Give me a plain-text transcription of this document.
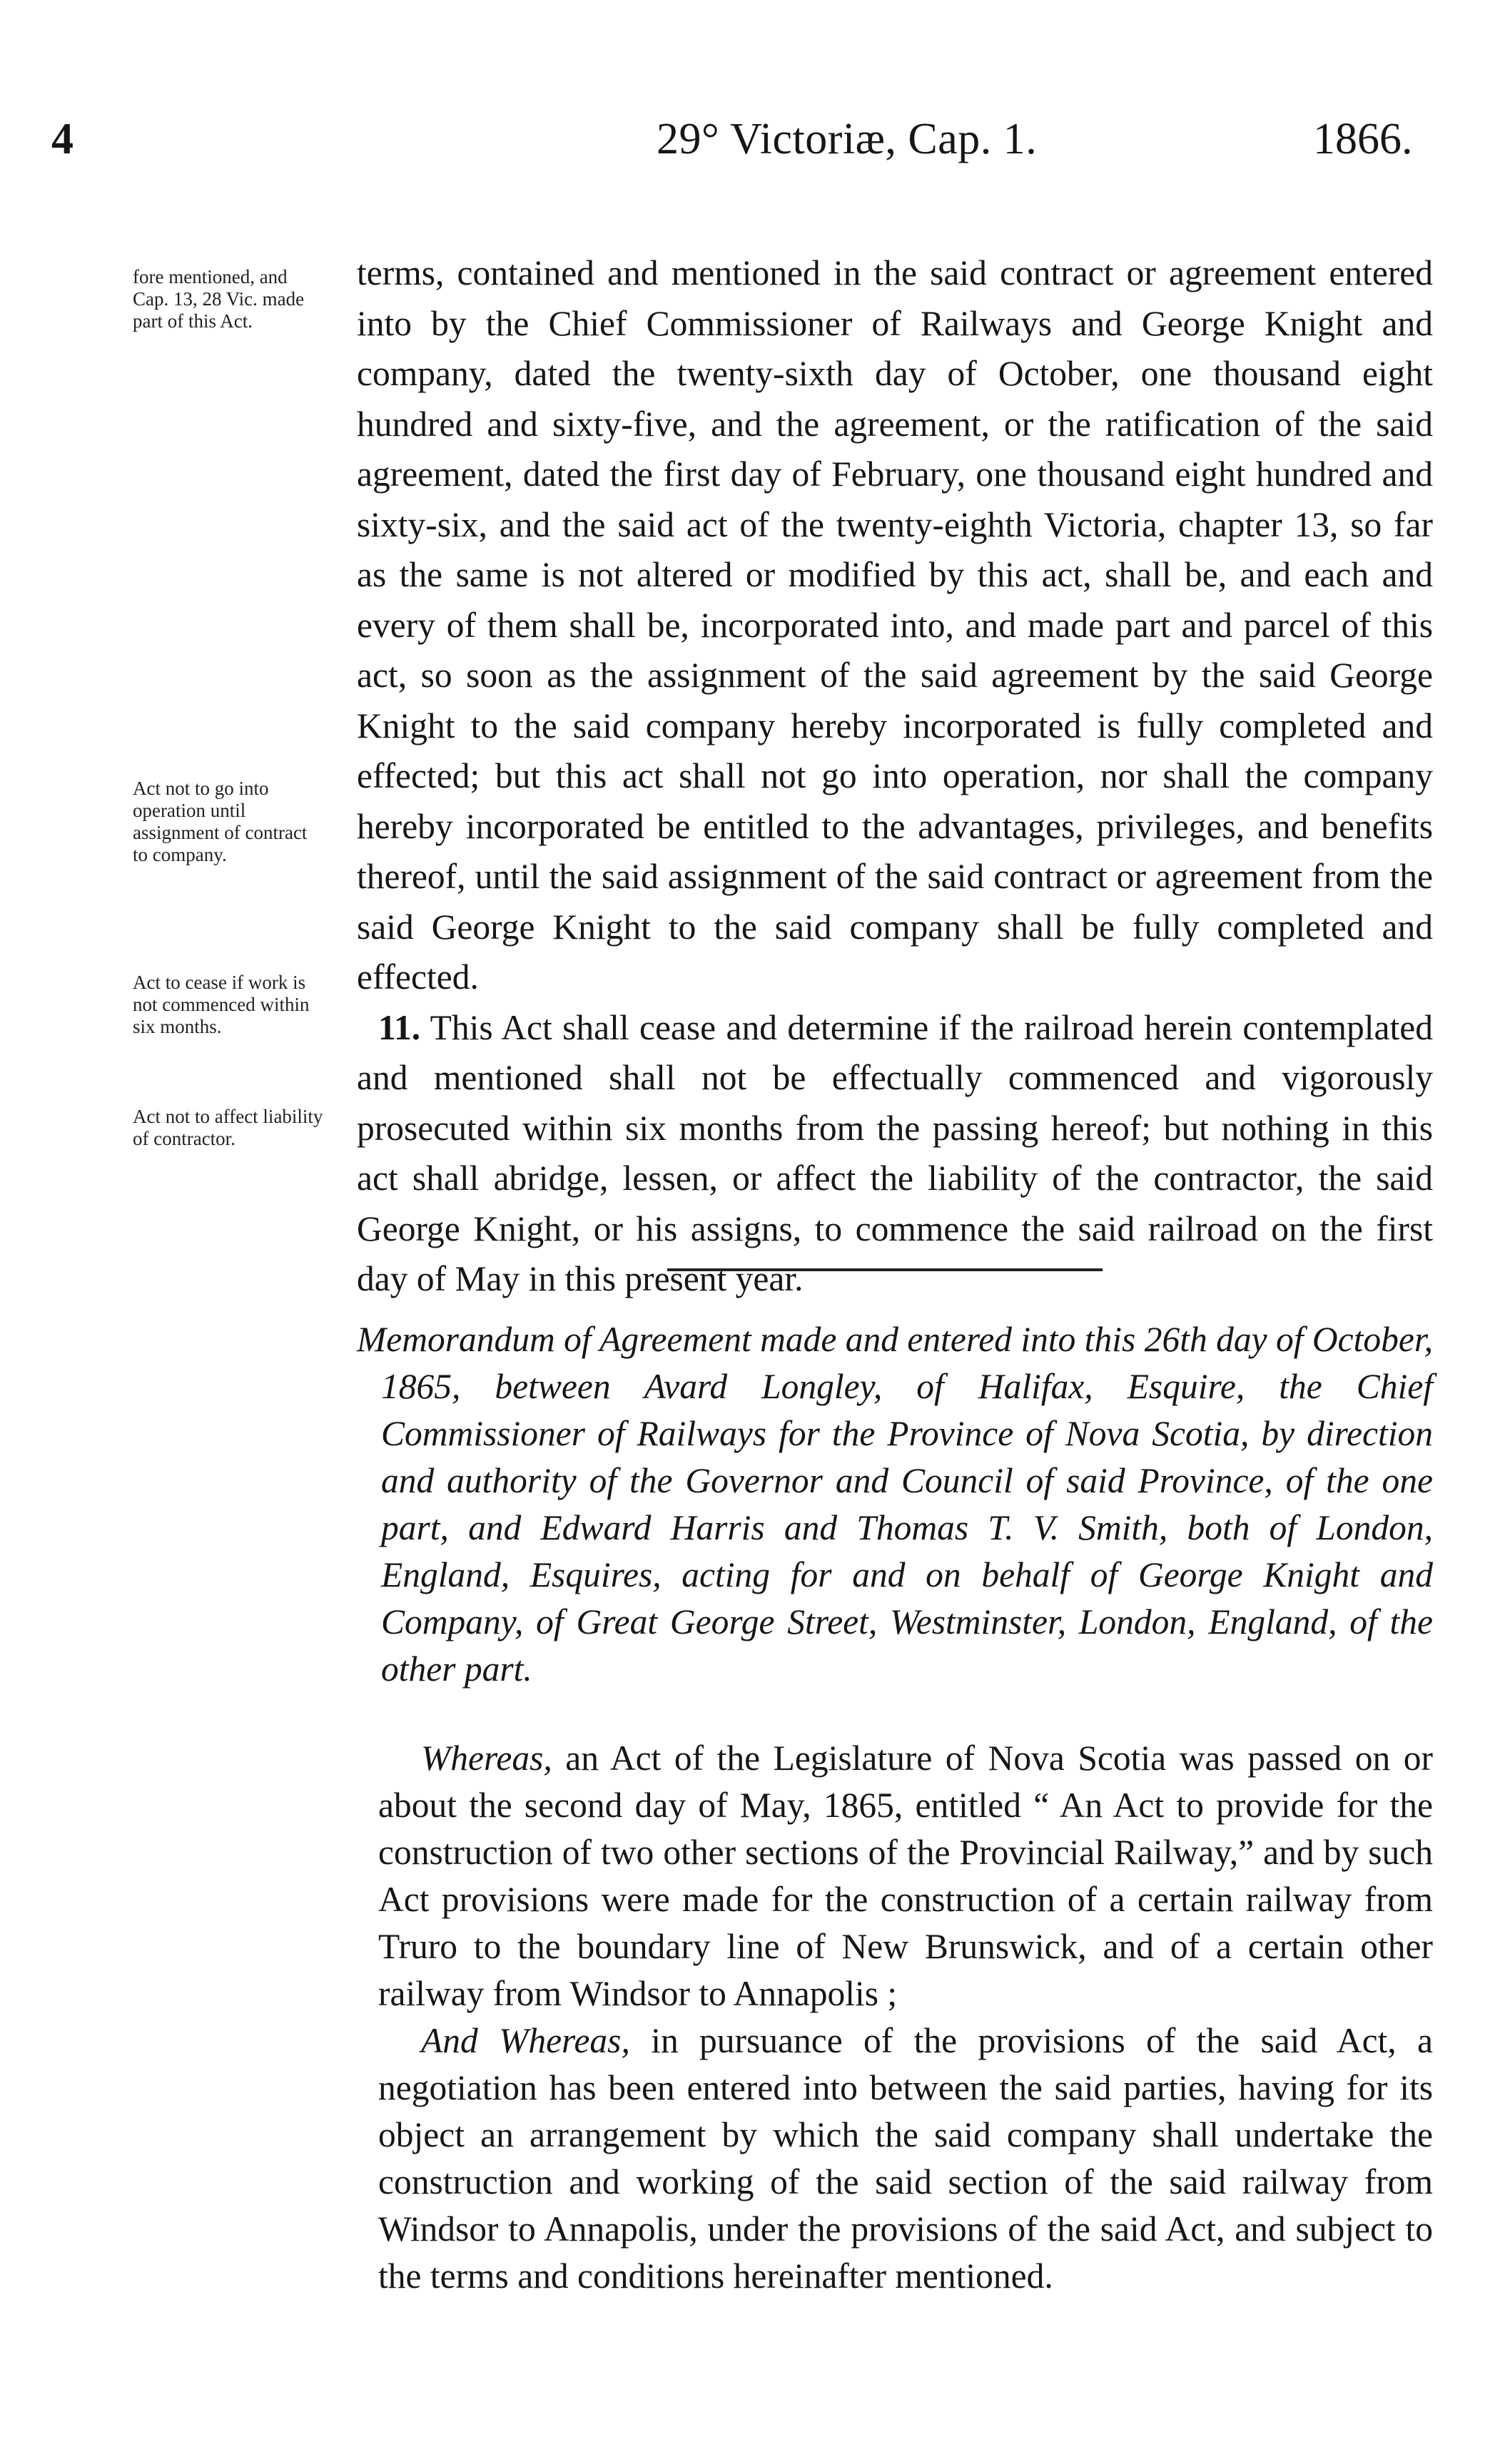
4	29° Victoriæ, Cap. 1.	1866.
fore mentioned, and Cap. 13, 28 Vic. made part of this Act.
Act not to go into operation until assignment of contract to company.
Act to cease if work is not commenced within six months.
Act not to affect liability of contractor.

terms, contained and mentioned in the said contract or agreement entered into by the Chief Commissioner of Railways and George Knight and company, dated the twenty-sixth day of October, one thousand eight hundred and sixty-five, and the agreement, or the ratification of the said agreement, dated the first day of February, one thousand eight hundred and sixty-six, and the said act of the twenty-eighth Victoria, chapter 13, so far as the same is not altered or modified by this act, shall be, and each and every of them shall be, incorporated into, and made part and parcel of this act, so soon as the assignment of the said agreement by the said George Knight to the said company hereby incorporated is fully completed and effected; but this act shall not go into operation, nor shall the company hereby incorporated be entitled to the advantages, privileges, and benefits thereof, until the said assignment of the said contract or agreement from the said George Knight to the said company shall be fully completed and effected.

11. This Act shall cease and determine if the railroad herein contemplated and mentioned shall not be effectually commenced and vigorously prosecuted within six months from the passing hereof; but nothing in this act shall abridge, lessen, or affect the liability of the contractor, the said George Knight, or his assigns, to commence the said railroad on the first day of May in this present year.

Memorandum of Agreement made and entered into this 26th day of October, 1865, between Avard Longley, of Halifax, Esquire, the Chief Commissioner of Railways for the Province of Nova Scotia, by direction and authority of the Governor and Council of said Province, of the one part, and Edward Harris and Thomas T. V. Smith, both of London, England, Esquires, acting for and on behalf of George Knight and Company, of Great George Street, Westminster, London, England, of the other part.

Whereas, an Act of the Legislature of Nova Scotia was passed on or about the second day of May, 1865, entitled “ An Act to provide for the construction of two other sections of the Provincial Railway,” and by such Act provisions were made for the construction of a certain railway from Truro to the boundary line of New Brunswick, and of a certain other railway from Windsor to Annapolis ;

And Whereas, in pursuance of the provisions of the said Act, a negotiation has been entered into between the said parties, having for its object an arrangement by which the said company shall undertake the construction and working of the said section of the said railway from Windsor to Annapolis, under the provisions of the said Act, and subject to the terms and conditions hereinafter mentioned.
